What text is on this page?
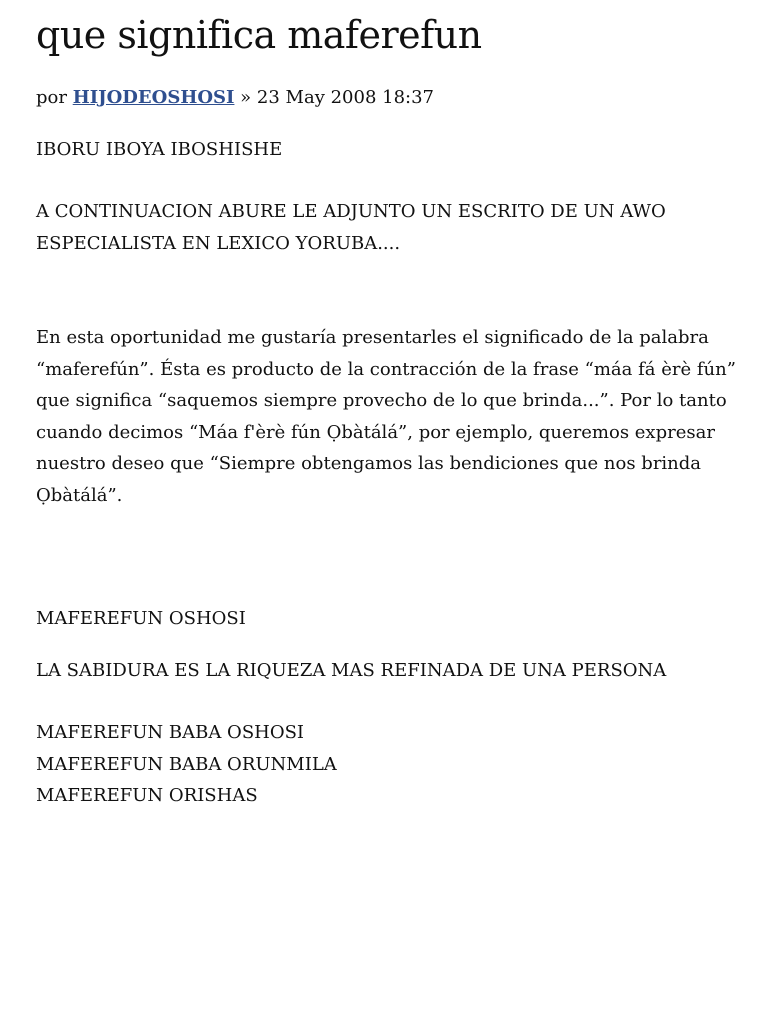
que significa maferefun
por HIJODEOSHOSI » 23 May 2008 18:37

IBORU IBOYA IBOSHISHE

A CONTINUACION ABURE LE ADJUNTO UN ESCRITO DE UN AWO
ESPECIALISTA EN LEXICO YORUBA....
En esta oportunidad me gustaría presentarles el significado de la palabra
“maferefún”. Ésta es producto de la contracción de la frase “máa fá èrè fún”
que significa “saquemos siempre provecho de lo que brinda...”. Por lo tanto
cuando decimos “Máa f'èrè fún Ọbàtálá”, por ejemplo, queremos expresar
nuestro deseo que “Siempre obtengamos las bendiciones que nos brinda
Ọbàtálá”.

MAFEREFUN OSHOSI

LA SABIDURA ES LA RIQUEZA MAS REFINADA DE UNA PERSONA

MAFEREFUN BABA OSHOSI
MAFEREFUN BABA ORUNMILA
MAFEREFUN ORISHAS
